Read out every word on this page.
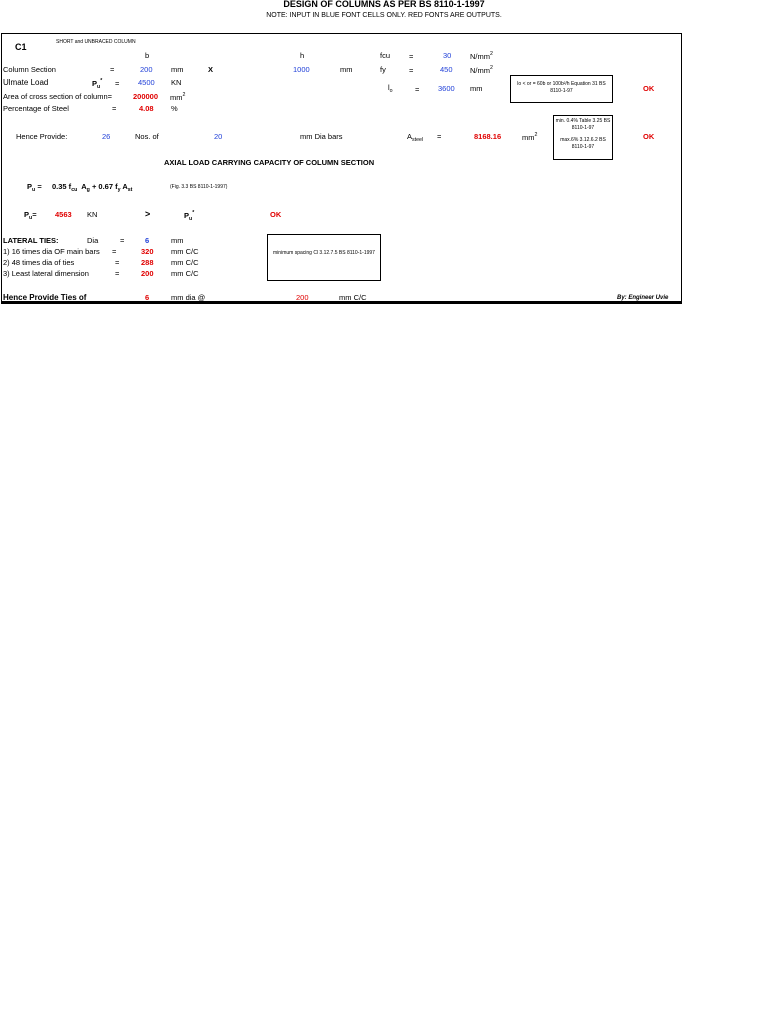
DESIGN OF COLUMNS AS PER BS 8110-1-1997
NOTE: INPUT IN BLUE FONT CELLS ONLY. RED FONTS ARE OUTPUTS.
C1	SHORT and UNBRACED COLUMN
b	h	fcu	=	30 $N/mm^2$
Column Section	=	200 mm	X	1000	mm	fy	=	450 $N/mm^2$
Ulmate Load	$P_u^* = 4500$ KN
$l_o$	= 3600 mm	lo < or = 60b or 100b²/h Equation 31 BS 8110-1-97	OK
Area of cross section of column=	200000 $mm^2$
Percentage of Steel	=	4.08 %
Hence Provide:	26	Nos. of	20	mm Dia bars	$A_{steel}$ =	8168.16	$mm^2$
min. 0.4% Table 3.25 BS 8110-1-97
max.6% 3.12.6.2 BS 8110-1-97
OK
AXIAL LOAD CARRYING CAPACITY OF COLUMN SECTION
$P_u = 0.35$ $f_{cu}$ $A_g + 0.67$ $f_y$ $A_{st}$	(Fig. 3.3 BS 8110-1-1997)
$P_u= 4563$ KN	>	$P_u^*$	OK
LATERAL TIES:	Dia	=	6	mm
1) 16 times dia OF main bars =	320 mm C/C
2) 48 times dia of ties	=	288 mm C/C
3) Least lateral dimension	=	200 mm C/C
minimum spacing Cl 3.12.7.5 BS 8110-1-1997
Hence Provide Ties of	6	mm dia @	200	mm C/C	By: Engineer Uvie
